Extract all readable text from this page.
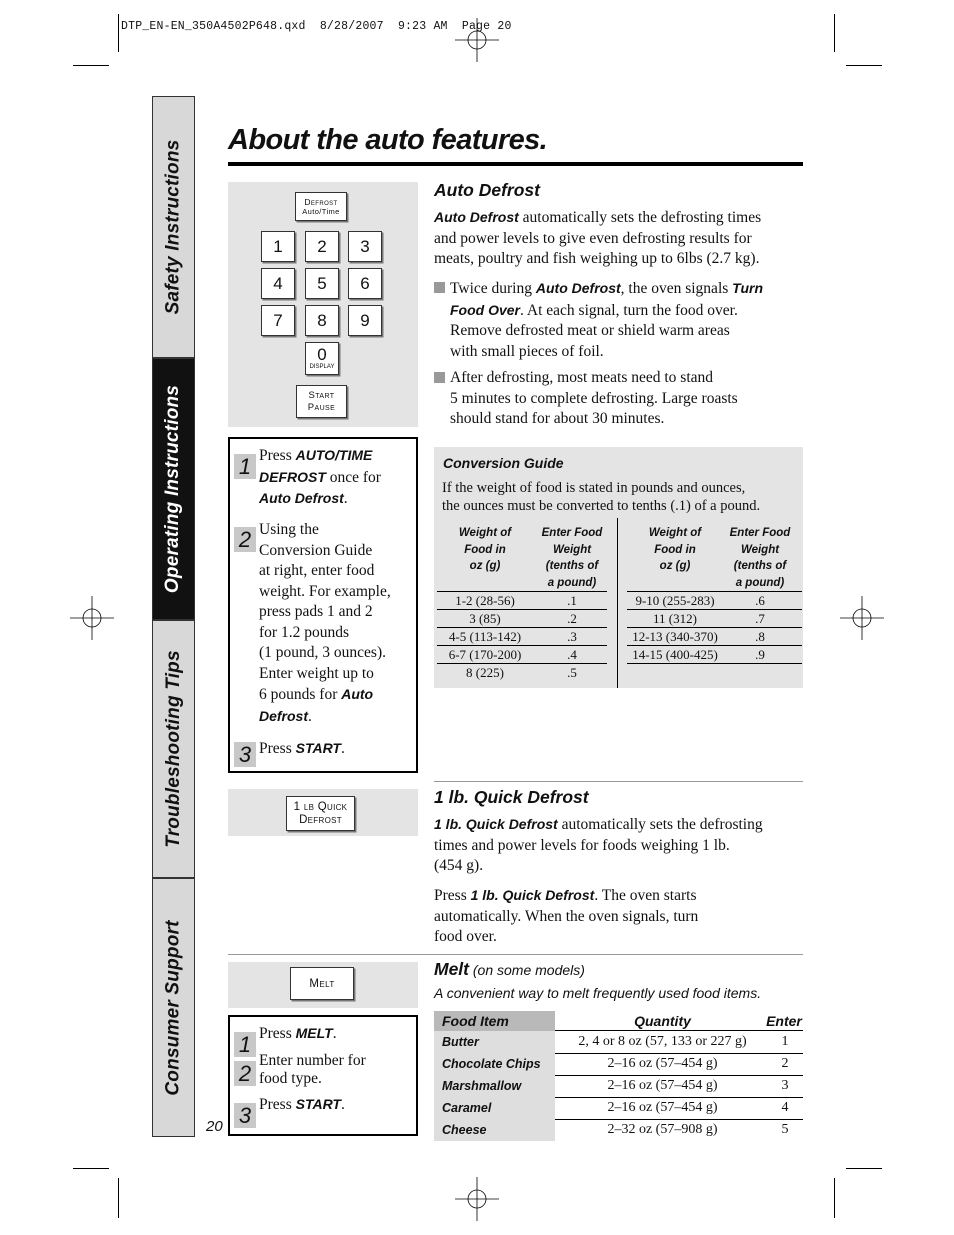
DTP_EN-EN_350A4502P648.qxd  8/28/2007  9:23 AM  Page 20
Safety Instructions
Operating Instructions
Troubleshooting Tips
Consumer Support
20
About the auto features.
Defrost
Auto/Time
1 2 3
4 5 6
7 8 9
0
DISPLAY
Start
Pause
Auto Defrost
Auto Defrost automatically sets the defrosting times
and power levels to give even defrosting results for
meats, poultry and fish weighing up to 6lbs (2.7 kg).
Twice during Auto Defrost, the oven signals Turn
Food Over. At each signal, turn the food over.
Remove defrosted meat or shield warm areas
with small pieces of foil.
After defrosting, most meats need to stand
5 minutes to complete defrosting. Large roasts
should stand for about 30 minutes.
1 Press AUTO/TIME
DEFROST once for
Auto Defrost.
2 Using the
Conversion Guide
at right, enter food
weight. For example,
press pads 1 and 2
for 1.2 pounds
(1 pound, 3 ounces).
Enter weight up to
6 pounds for Auto
Defrost.
3 Press START.
Conversion Guide
If the weight of food is stated in pounds and ounces,
the ounces must be converted to tenths (.1) of a pound.
Weight of
Food in
oz (g)
Enter Food
Weight
(tenths of
a pound)
Weight of
Food in
oz (g)
Enter Food
Weight
(tenths of
a pound)
1-2 (28-56)	.1
3 (85)	.2
4-5 (113-142)	.3
6-7 (170-200)	.4
8 (225)	.5
9-10 (255-283)	.6
11 (312)	.7
12-13 (340-370)	.8
14-15 (400-425)	.9
1 lb Quick
Defrost
1 lb. Quick Defrost
1 lb. Quick Defrost automatically sets the defrosting
times and power levels for foods weighing 1 lb.
(454 g).
Press 1 lb. Quick Defrost. The oven starts
automatically. When the oven signals, turn
food over.
Melt
Melt (on some models)
A convenient way to melt frequently used food items.
1 Press MELT.
2 Enter number for
food type.
3 Press START.
Food Item	Quantity	Enter
Butter	2, 4 or 8 oz (57, 133 or 227 g)	1
Chocolate Chips	2–16 oz (57–454 g)	2
Marshmallow	2–16 oz (57–454 g)	3
Caramel	2–16 oz (57–454 g)	4
Cheese	2–32 oz (57–908 g)	5
